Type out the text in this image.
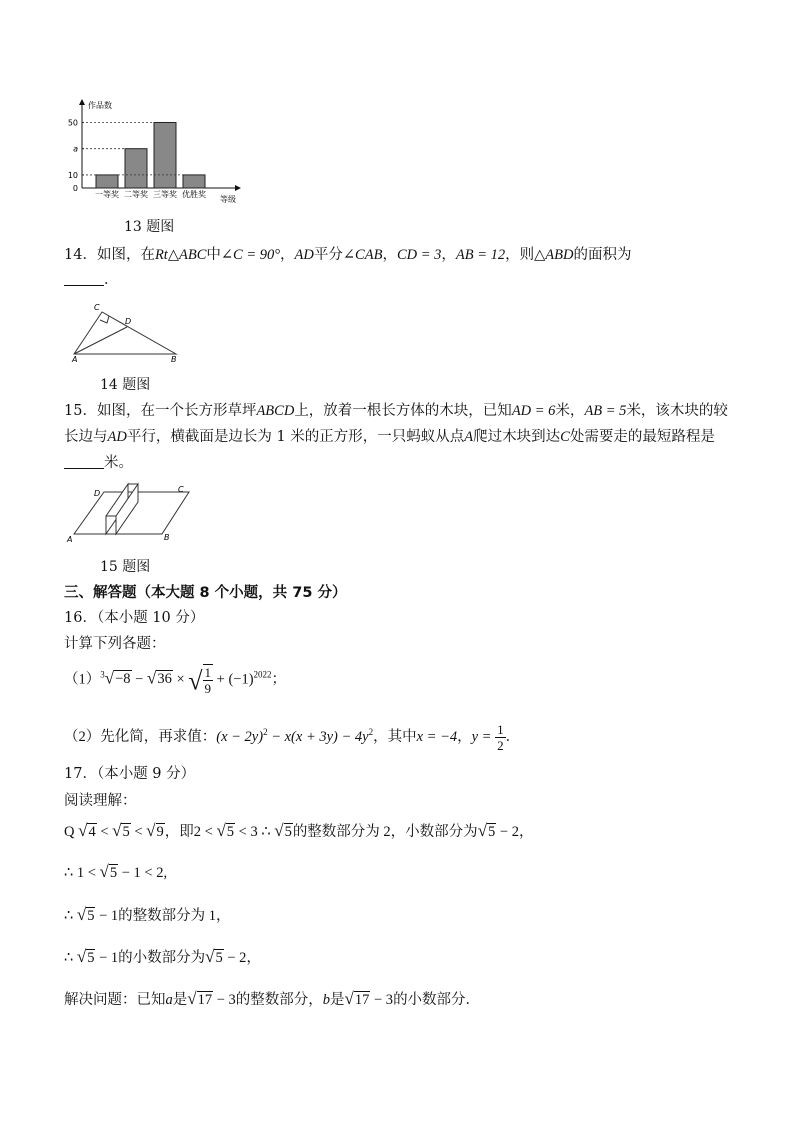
作品数
等级
0
10
a
50
一等奖 二等奖 三等奖 优胜奖
13 题图
14．如图，在Rt△ABC中∠C = 90°，AD平分∠CAB，CD = 3，AB = 12，则△ABD的面积为
．
C
D
A	B
14 题图
15．如图，在一个长方形草坪ABCD上，放着一根长方体的木块，已知AD = 6米，AB = 5米，该木块的较
长边与AD平行，横截面是边长为 1 米的正方形，一只蚂蚁从点A爬过木块到达C处需要走的最短路程是
米。
D	C
A	B
15 题图
三、解答题（本大题 8 个小题，共 75 分）
16．（本小题 10 分）
计算下列各题：
$(1)^3√-8 - √36$ × √ $\frac{1}{9} + (-1)^{2022}$；
（2）先化简，再求值：$(x - 2y)^2 - x(x + 3y) - 4y^2$，其中x = −4，$y = \frac{1}{2}$ ．
17．（本小题 9 分）
阅读理解：
Q √4 < √5 < √9，即2 < √5 < 3 ∴ √5的整数部分为 2，小数部分为√5 − 2，
∴ 1 < √5 − 1 < 2,
∴ √5 − 1的整数部分为 1，
∴ √5 − 1的小数部分为√5 − 2，
解决问题：已知a是√17 − 3的整数部分，b是√17 − 3的小数部分．
